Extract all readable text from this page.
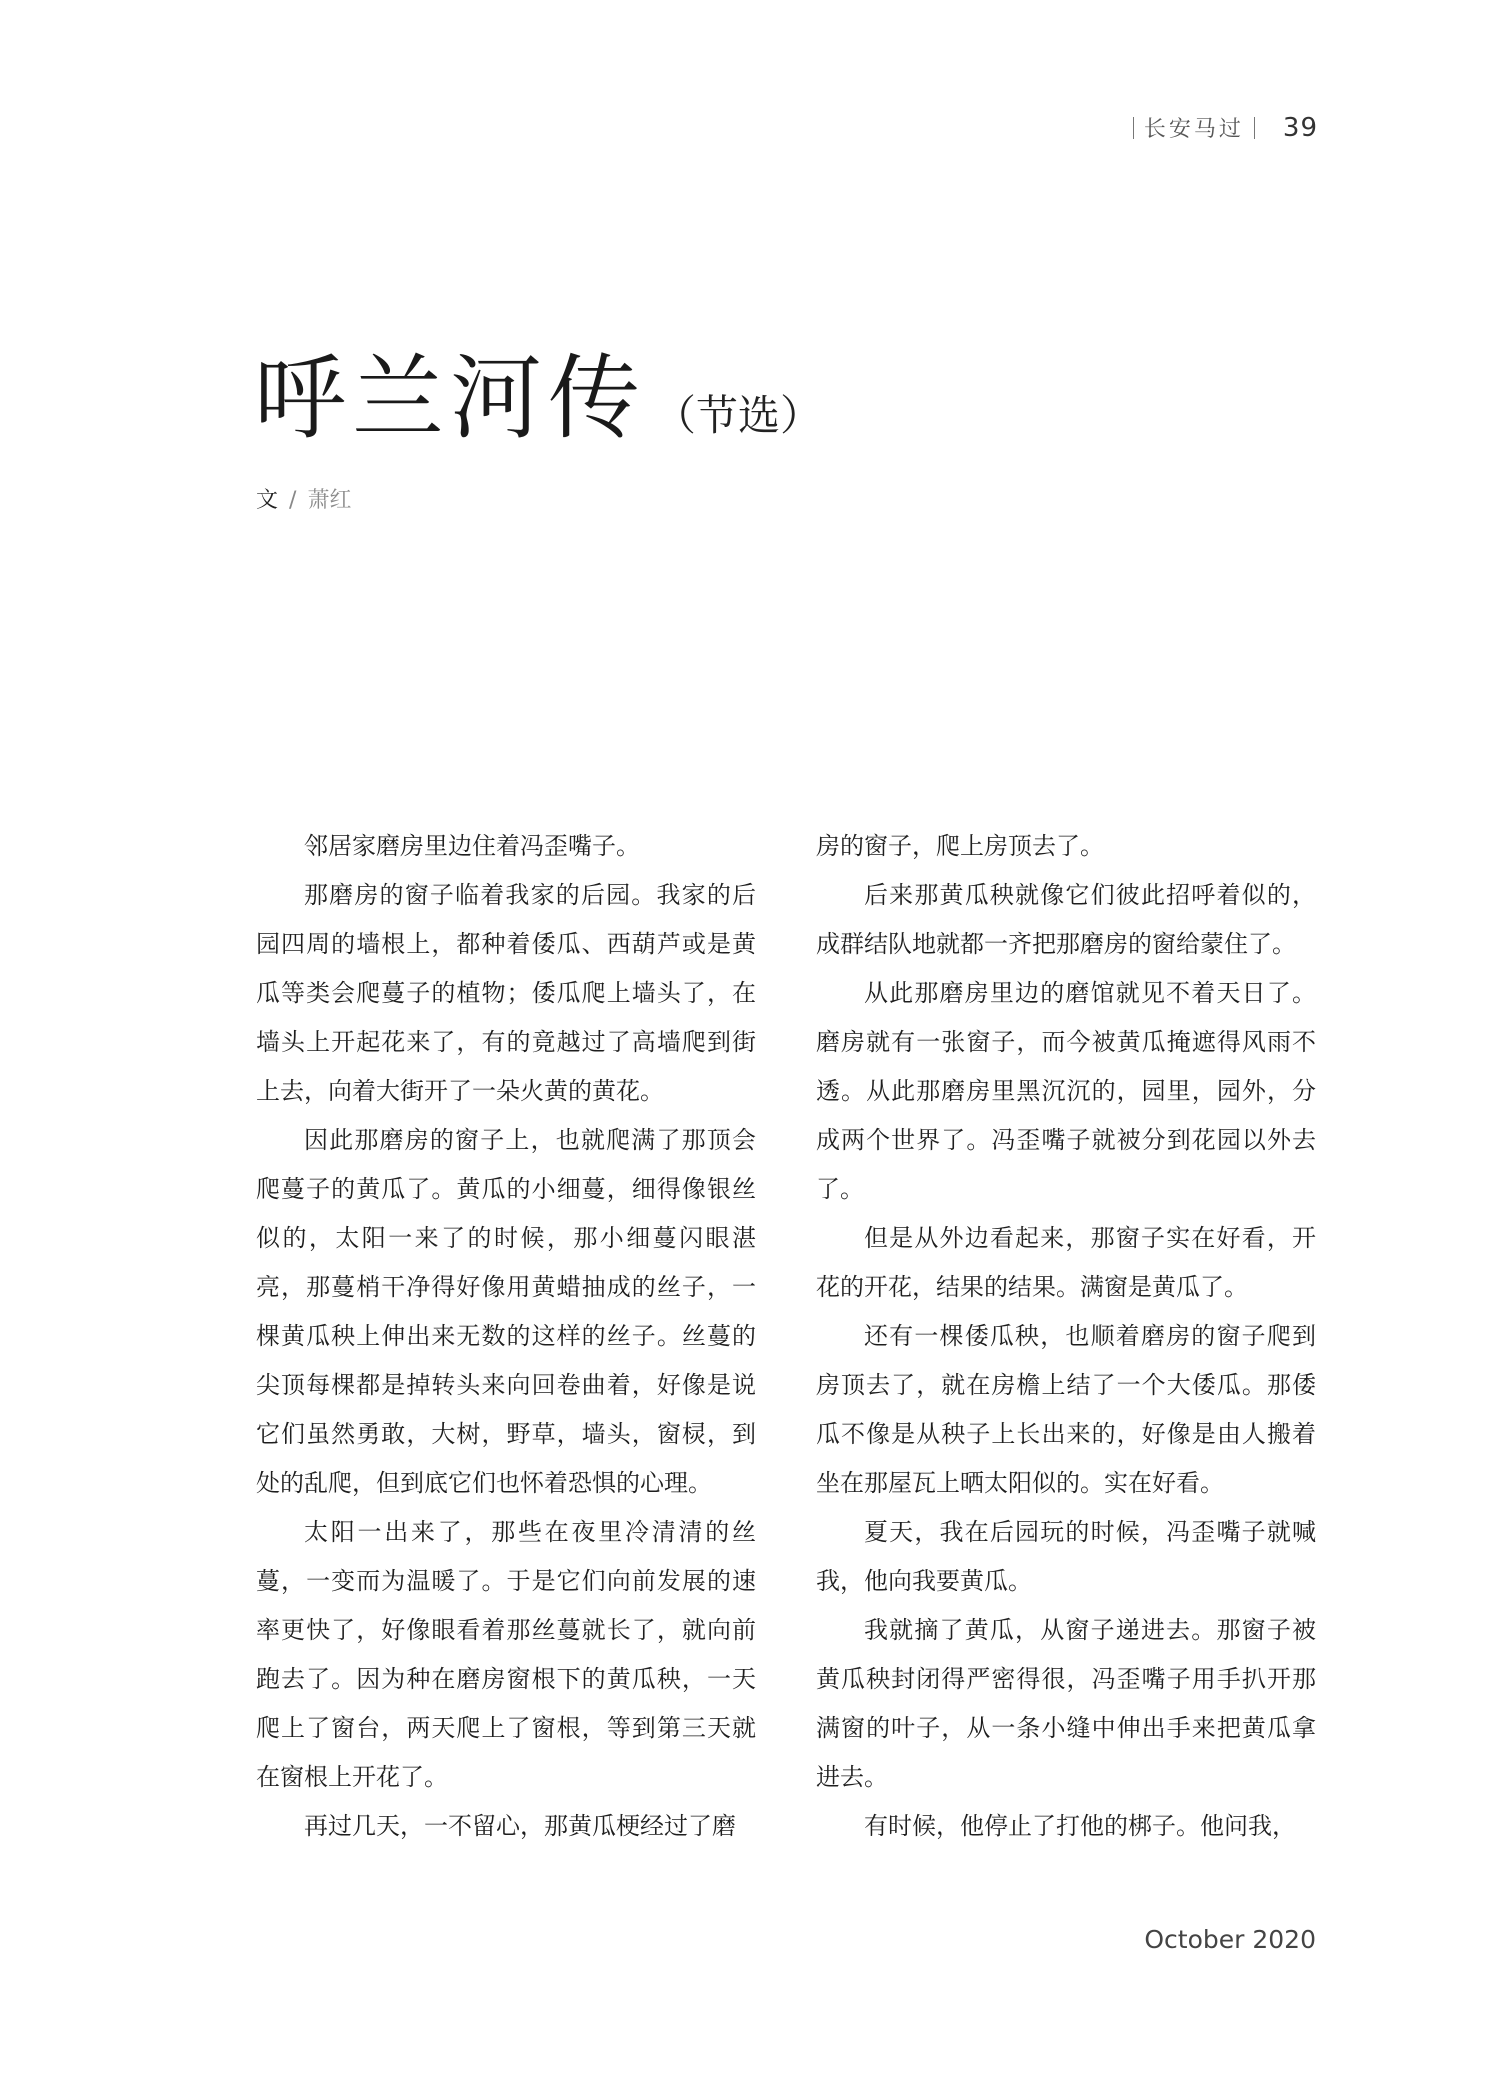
长安马过 39
呼兰河传 （节选）
文 / 萧红

邻居家磨房里边住着冯歪嘴子。

那磨房的窗子临着我家的后园。我家的后园四周的墙根上，都种着倭瓜、西葫芦或是黄瓜等类会爬蔓子的植物；倭瓜爬上墙头了，在墙头上开起花来了，有的竟越过了高墙爬到街上去，向着大街开了一朵火黄的黄花。

因此那磨房的窗子上，也就爬满了那顶会爬蔓子的黄瓜了。黄瓜的小细蔓，细得像银丝似的，太阳一来了的时候，那小细蔓闪眼湛亮，那蔓梢干净得好像用黄蜡抽成的丝子，一棵黄瓜秧上伸出来无数的这样的丝子。丝蔓的尖顶每棵都是掉转头来向回卷曲着，好像是说它们虽然勇敢，大树，野草，墙头，窗棂，到处的乱爬，但到底它们也怀着恐惧的心理。

太阳一出来了，那些在夜里冷清清的丝蔓，一变而为温暖了。于是它们向前发展的速率更快了，好像眼看着那丝蔓就长了，就向前跑去了。因为种在磨房窗根下的黄瓜秧，一天爬上了窗台，两天爬上了窗根，等到第三天就在窗根上开花了。

再过几天，一不留心，那黄瓜梗经过了磨

房的窗子，爬上房顶去了。

后来那黄瓜秧就像它们彼此招呼着似的，成群结队地就都一齐把那磨房的窗给蒙住了。

从此那磨房里边的磨馆就见不着天日了。磨房就有一张窗子，而今被黄瓜掩遮得风雨不透。从此那磨房里黑沉沉的，园里，园外，分成两个世界了。冯歪嘴子就被分到花园以外去了。

但是从外边看起来，那窗子实在好看，开花的开花，结果的结果。满窗是黄瓜了。

还有一棵倭瓜秧，也顺着磨房的窗子爬到房顶去了，就在房檐上结了一个大倭瓜。那倭瓜不像是从秧子上长出来的，好像是由人搬着坐在那屋瓦上晒太阳似的。实在好看。

夏天，我在后园玩的时候，冯歪嘴子就喊我，他向我要黄瓜。

我就摘了黄瓜，从窗子递进去。那窗子被黄瓜秧封闭得严密得很，冯歪嘴子用手扒开那满窗的叶子，从一条小缝中伸出手来把黄瓜拿进去。

有时候，他停止了打他的梆子。他问我，

October 2020
